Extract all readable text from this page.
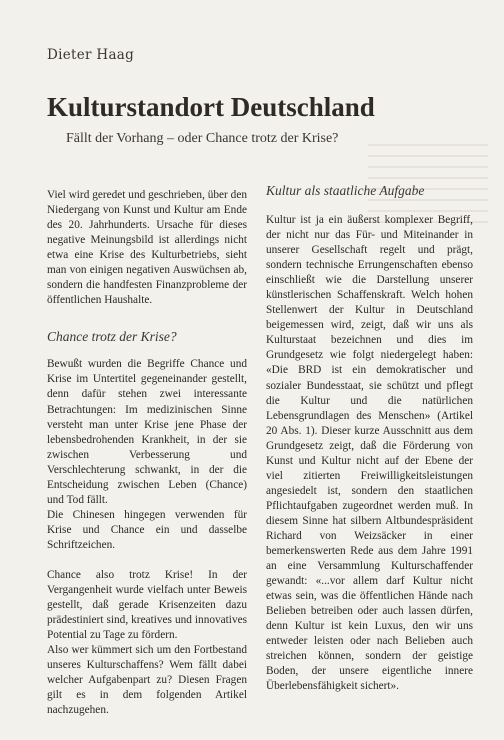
Dieter Haag
Kulturstandort Deutschland
Fällt der Vorhang – oder Chance trotz der Krise?

Viel wird geredet und geschrieben, über den Niedergang von Kunst und Kultur am Ende des 20. Jahrhunderts. Ursache für dieses negative Meinungsbild ist allerdings nicht etwa eine Krise des Kulturbetriebs, sieht man von einigen negativen Auswüchsen ab, sondern die handfesten Finanzprobleme der öffentlichen Haushalte.

Chance trotz der Krise?

Bewußt wurden die Begriffe Chance und Krise im Untertitel gegeneinander gestellt, denn dafür stehen zwei interessante Betrachtungen: Im medizinischen Sinne versteht man unter Krise jene Phase der lebensbedrohenden Krankheit, in der sie zwischen Verbesserung und Verschlechterung schwankt, in der die Entscheidung zwischen Leben (Chance) und Tod fällt.

Die Chinesen hingegen verwenden für Krise und Chance ein und dasselbe Schriftzeichen.

Chance also trotz Krise! In der Vergangenheit wurde vielfach unter Beweis gestellt, daß gerade Krisenzeiten dazu prädestiniert sind, kreatives und innovatives Potential zu Tage zu fördern.

Also wer kümmert sich um den Fortbestand unseres Kulturschaffens? Wem fällt dabei welcher Aufgabenpart zu? Diesen Fragen gilt es in dem folgenden Artikel nachzugehen.

Kultur als staatliche Aufgabe

Kultur ist ja ein äußerst komplexer Begriff, der nicht nur das Für- und Miteinander in unserer Gesellschaft regelt und prägt, sondern technische Errungenschaften ebenso einschließt wie die Darstellung unserer künstlerischen Schaffenskraft. Welch hohen Stellenwert der Kultur in Deutschland beigemessen wird, zeigt, daß wir uns als Kulturstaat bezeichnen und dies im Grundgesetz wie folgt niedergelegt haben: «Die BRD ist ein demokratischer und sozialer Bundesstaat, sie schützt und pflegt die Kultur und die natürlichen Lebensgrundlagen des Menschen» (Artikel 20 Abs. 1). Dieser kurze Ausschnitt aus dem Grundgesetz zeigt, daß die Förderung von Kunst und Kultur nicht auf der Ebene der viel zitierten Freiwilligkeitsleistungen angesiedelt ist, sondern den staatlichen Pflichtaufgaben zugeordnet werden muß. In diesem Sinne hat silbern Altbundespräsident Richard von Weizsäcker in einer bemerkenswerten Rede aus dem Jahre 1991 an eine Versammlung Kulturschaffender gewandt: «...vor allem darf Kultur nicht etwas sein, was die öffentlichen Hände nach Belieben betreiben oder auch lassen dürfen, denn Kultur ist kein Luxus, den wir uns entweder leisten oder nach Belieben auch streichen können, sondern der geistige Boden, der unsere eigentliche innere Überlebensfähigkeit sichert».
